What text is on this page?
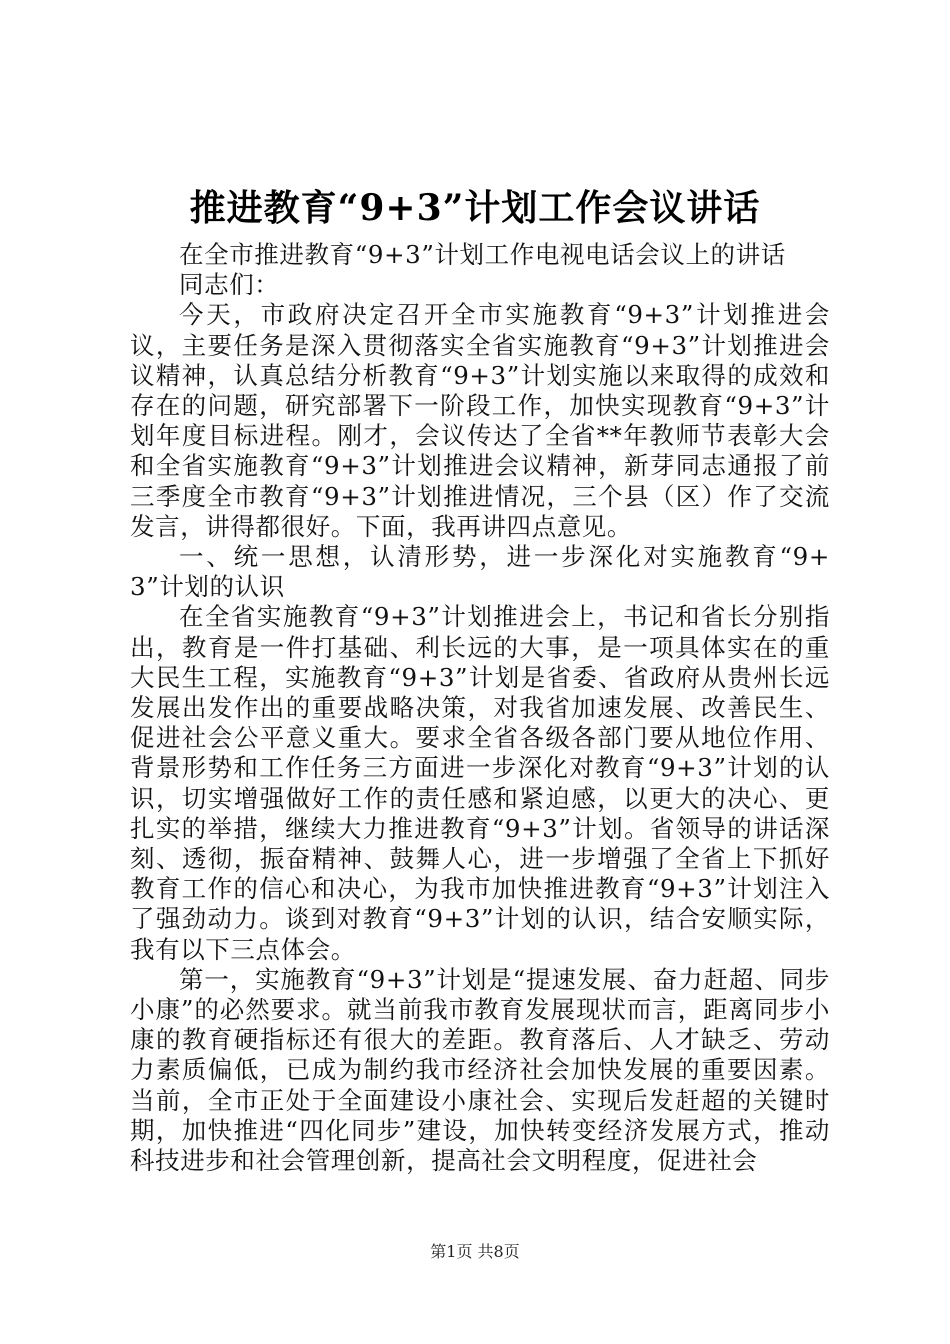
推进教育“9+3”计划工作会议讲话

在全市推进教育“9+3”计划工作电视电话会议上的讲话

同志们：

今天，市政府决定召开全市实施教育“9+3”计划推进会议，主要任务是深入贯彻落实全省实施教育“9+3”计划推进会议精神，认真总结分析教育“9+3”计划实施以来取得的成效和存在的问题，研究部署下一阶段工作，加快实现教育“9+3”计划年度目标进程。刚才，会议传达了全省**年教师节表彰大会和全省实施教育“9+3”计划推进会议精神，新芽同志通报了前三季度全市教育“9+3”计划推进情况，三个县（区）作了交流发言，讲得都很好。下面，我再讲四点意见。

一、统一思想，认清形势，进一步深化对实施教育“9+3”计划的认识

在全省实施教育“9+3”计划推进会上，书记和省长分别指出，教育是一件打基础、利长远的大事，是一项具体实在的重大民生工程，实施教育“9+3”计划是省委、省政府从贵州长远发展出发作出的重要战略决策，对我省加速发展、改善民生、促进社会公平意义重大。要求全省各级各部门要从地位作用、背景形势和工作任务三方面进一步深化对教育“9+3”计划的认识，切实增强做好工作的责任感和紧迫感，以更大的决心、更扎实的举措，继续大力推进教育“9+3”计划。省领导的讲话深刻、透彻，振奋精神、鼓舞人心，进一步增强了全省上下抓好教育工作的信心和决心，为我市加快推进教育“9+3”计划注入了强劲动力。谈到对教育“9+3”计划的认识，结合安顺实际，我有以下三点体会。

第一，实施教育“9+3”计划是“提速发展、奋力赶超、同步小康”的必然要求。就当前我市教育发展现状而言，距离同步小康的教育硬指标还有很大的差距。教育落后、人才缺乏、劳动力素质偏低，已成为制约我市经济社会加快发展的重要因素。当前，全市正处于全面建设小康社会、实现后发赶超的关键时期，加快推进“四化同步”建设，加快转变经济发展方式，推动科技进步和社会管理创新，提高社会文明程度，促进社会

第1页 共8页
